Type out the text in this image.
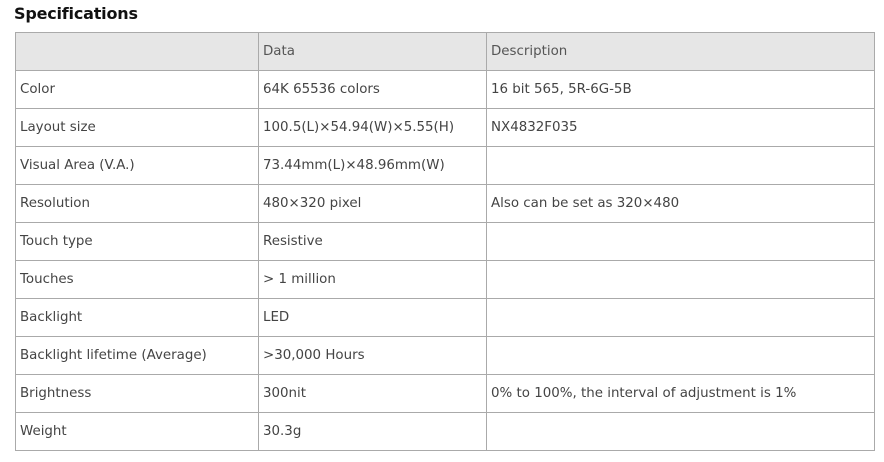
Specifications
	Data	Description
Color	64K 65536 colors	16 bit 565, 5R-6G-5B
Layout size	100.5(L)×54.94(W)×5.55(H)	NX4832F035
Visual Area (V.A.)	73.44mm(L)×48.96mm(W)	
Resolution	480×320 pixel	Also can be set as 320×480
Touch type	Resistive	
Touches	> 1 million	
Backlight	LED	
Backlight lifetime (Average)	>30,000 Hours	
Brightness	300nit	0% to 100%, the interval of adjustment is 1%
Weight	30.3g	
